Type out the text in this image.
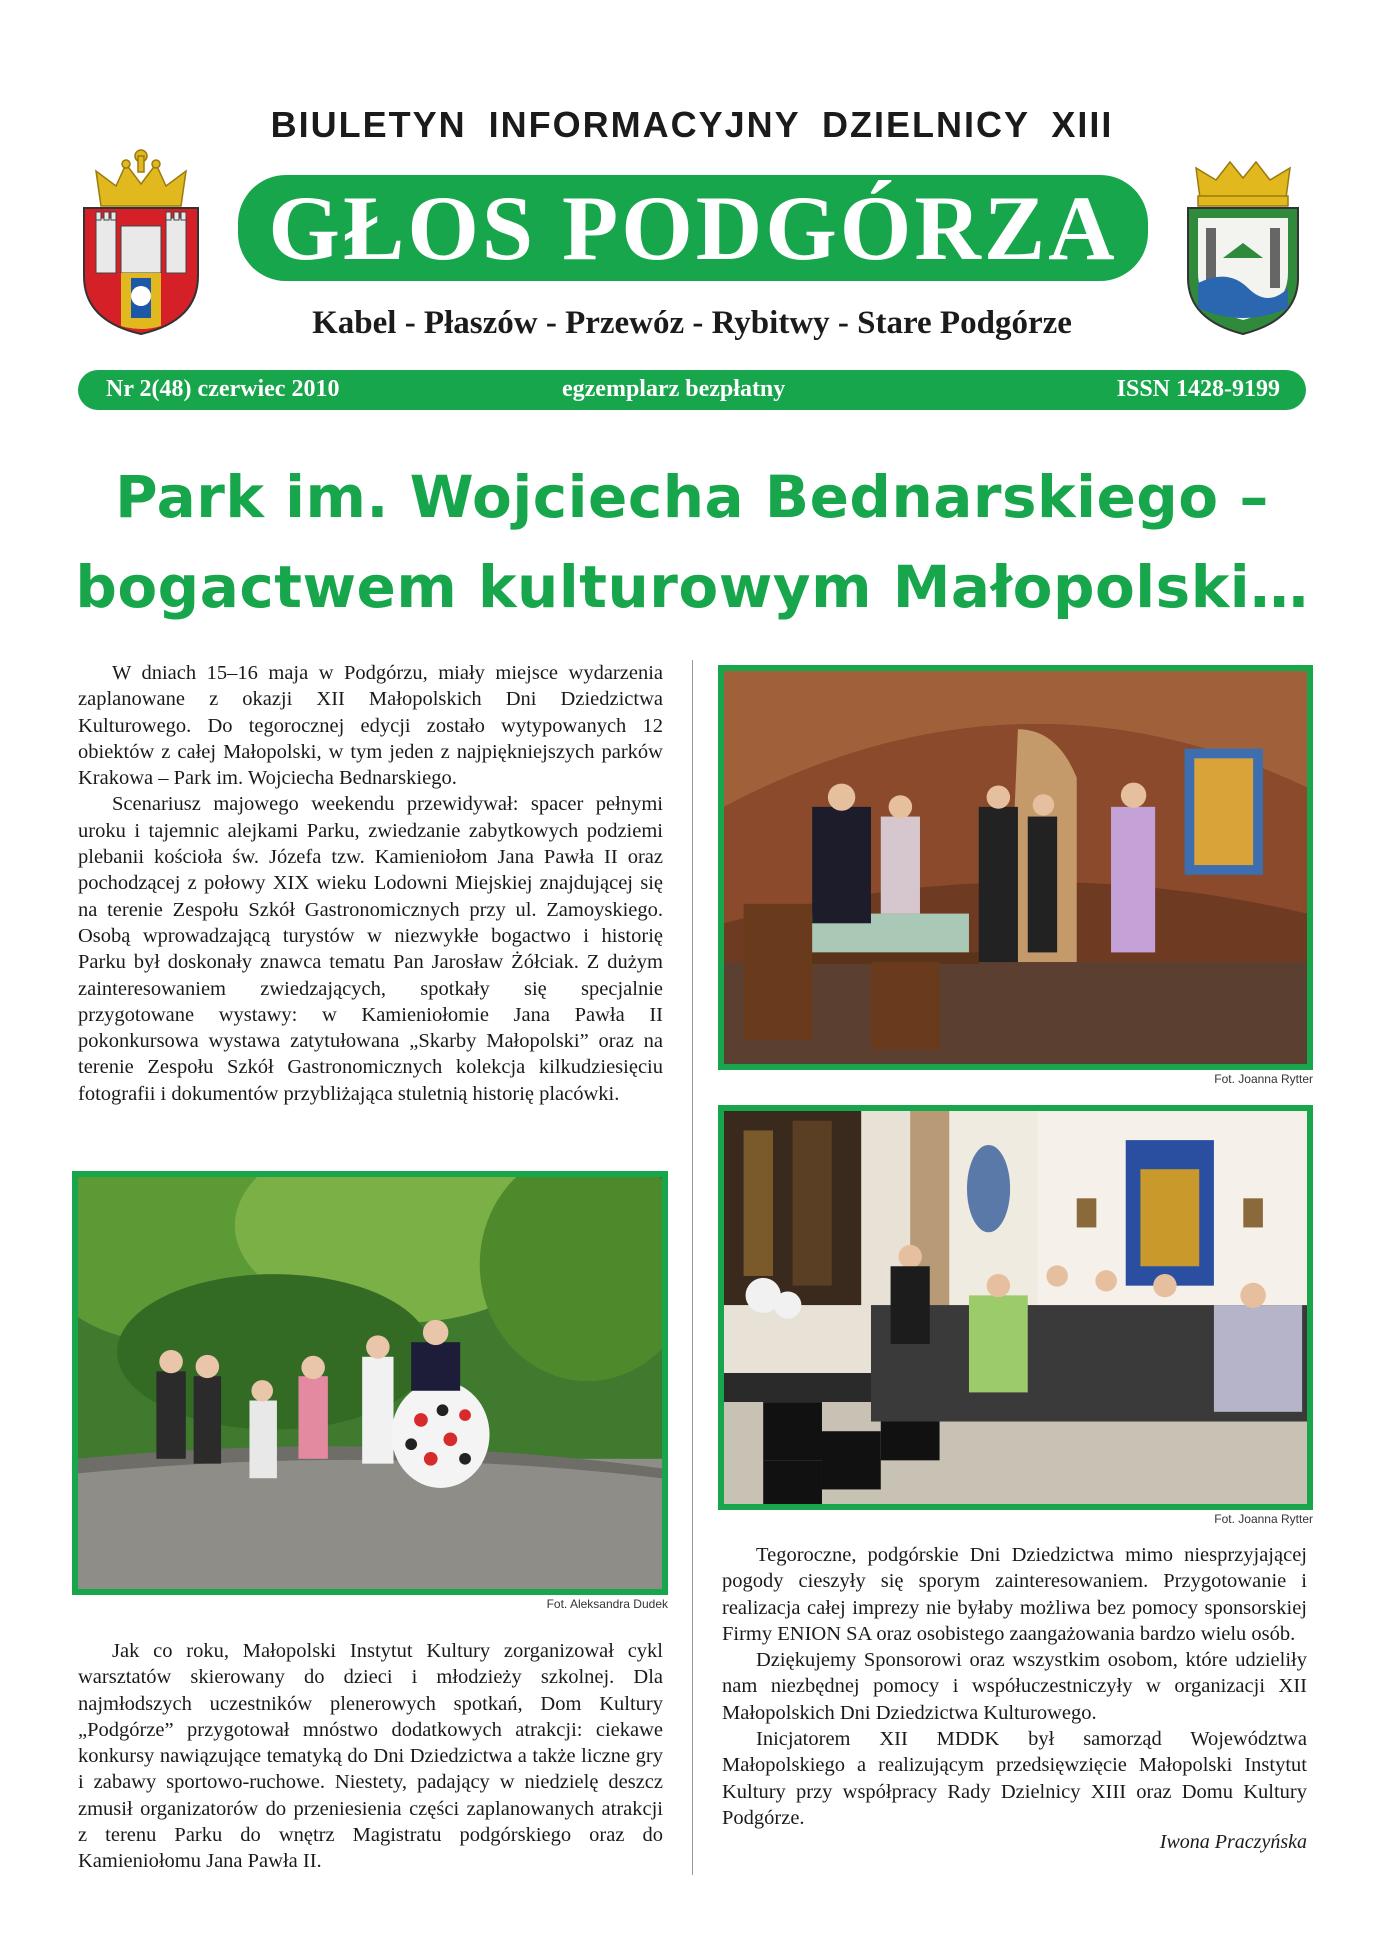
BIULETYN INFORMACYJNY DZIELNICY XIII
GŁOS PODGÓRZA
Kabel - Płaszów - Przewóz - Rybitwy - Stare Podgórze
Nr 2(48) czerwiec 2010	egzemplarz bezpłatny	ISSN 1428-9199
Park im. Wojciecha Bednarskiego –
bogactwem kulturowym Małopolski…

W dniach 15–16 maja w Podgórzu, miały miejsce wydarzenia zaplanowane z okazji XII Małopolskich Dni Dziedzictwa Kulturowego. Do tegorocznej edycji zostało wytypowanych 12 obiektów z całej Małopolski, w tym jeden z najpiękniejszych parków Krakowa – Park im. Wojciecha Bednarskiego.

Scenariusz majowego weekendu przewidywał: spacer pełnymi uroku i tajemnic alejkami Parku, zwiedzanie zabytkowych podziemi plebanii kościoła św. Józefa tzw. Kamieniołom Jana Pawła II oraz pochodzącej z połowy XIX wieku Lodowni Miejskiej znajdującej się na terenie Zespołu Szkół Gastronomicznych przy ul. Zamoyskiego. Osobą wprowadzającą turystów w niezwykłe bogactwo i historię Parku był doskonały znawca tematu Pan Jarosław Żółciak. Z dużym zainteresowaniem zwiedzających, spotkały się specjalnie przygotowane wystawy: w Kamieniołomie Jana Pawła II pokonkursowa wystawa zatytułowana „Skarby Małopolski” oraz na terenie Zespołu Szkół Gastronomicznych kolekcja kilkudziesięciu fotografii i dokumentów przybliżająca stuletnią historię placówki.

Fot. Aleksandra Dudek

Jak co roku, Małopolski Instytut Kultury zorganizował cykl warsztatów skierowany do dzieci i młodzieży szkolnej. Dla najmłodszych uczestników plenerowych spotkań, Dom Kultury „Podgórze” przygotował mnóstwo dodatkowych atrakcji: ciekawe konkursy nawiązujące tematyką do Dni Dziedzictwa a także liczne gry i zabawy sportowo-ruchowe. Niestety, padający w niedzielę deszcz zmusił organizatorów do przeniesienia części zaplanowanych atrakcji z terenu Parku do wnętrz Magistratu podgórskiego oraz do Kamieniołomu Jana Pawła II.

Fot. Joanna Rytter
Fot. Joanna Rytter

Tegoroczne, podgórskie Dni Dziedzictwa mimo niesprzyjającej pogody cieszyły się sporym zainteresowaniem. Przygotowanie i realizacja całej imprezy nie byłaby możliwa bez pomocy sponsorskiej Firmy ENION SA oraz osobistego zaangażowania bardzo wielu osób.

Dziękujemy Sponsorowi oraz wszystkim osobom, które udzieliły nam niezbędnej pomocy i współuczestniczyły w organizacji XII Małopolskich Dni Dziedzictwa Kulturowego.

Inicjatorem XII MDDK był samorząd Województwa Małopolskiego a realizującym przedsięwzięcie Małopolski Instytut Kultury przy współpracy Rady Dzielnicy XIII oraz Domu Kultury Podgórze.

Iwona Praczyńska
